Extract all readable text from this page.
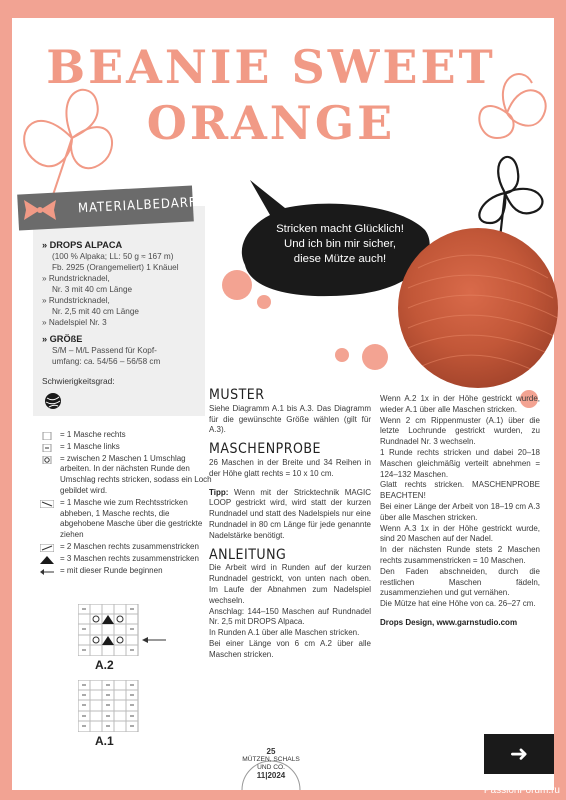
BEANIE SWEET
ORANGE
MATERIALBEDARF
» DROPS ALPACA
(100 % Alpaka; LL: 50 g ≈ 167 m)
Fb. 2925 (Orangemeliert) 1 Knäuel
» Rundstricknadel,
Nr. 3 mit 40 cm Länge
» Rundstricknadel,
Nr. 2,5 mit 40 cm Länge
» Nadelspiel Nr. 3
» GRÖßE
S/M – M/L Passend für Kopf-
umfang: ca. 54/56 – 56/58 cm
Schwierigkeitsgrad:
Stricken macht Glücklich!
Und ich bin mir sicher,
diese Mütze auch!
= 1 Masche rechts
= 1 Masche links
= zwischen 2 Maschen 1 Umschlag arbeiten. In der nächsten Runde den Umschlag rechts stricken, sodass ein Loch gebildet wird.
= 1 Masche wie zum Rechtsstricken abheben, 1 Masche rechts, die abgehobene Masche über die gestrickte ziehen
= 2 Maschen rechts zusammenstricken
= 3 Maschen rechts zusammenstricken
= mit dieser Runde beginnen
A.2
A.1
MUSTER

Siehe Diagramm A.1 bis A.3. Das Diagramm für die gewünschte Größe wählen (gilt für A.3).

MASCHENPROBE

26 Maschen in der Breite und 34 Reihen in der Höhe glatt rechts = 10 x 10 cm.

Tipp: Wenn mit der Stricktechnik MAGIC LOOP gestrickt wird, wird statt der kurzen Rundnadel und statt des Nadelspiels nur eine Rundnadel in 80 cm Länge für jede genannte Nadelstärke benötigt.

ANLEITUNG
Die Arbeit wird in Runden auf der kurzen Rundnadel gestrickt, von unten nach oben. Im Laufe der Abnahmen zum Nadelspiel wechseln.
Anschlag: 144–150 Maschen auf Rundnadel Nr. 2,5 mit DROPS Alpaca.
In Runden A.1 über alle Maschen stricken.
Bei einer Länge von 6 cm A.2 über alle Maschen stricken.
Wenn A.2 1x in der Höhe gestrickt wurde, wieder A.1 über alle Maschen stricken.
Wenn 2 cm Rippenmuster (A.1) über die letzte Lochrunde gestrickt wurden, zu Rundnadel Nr. 3 wechseln.
1 Runde rechts stricken und dabei 20–18 Maschen gleichmäßig verteilt abnehmen = 124–132 Maschen.
Glatt rechts stricken. MASCHENPROBE BEACHTEN!
Bei einer Länge der Arbeit von 18–19 cm A.3 über alle Maschen stricken.
Wenn A.3 1x in der Höhe gestrickt wurde, sind 20 Maschen auf der Nadel.
In der nächsten Runde stets 2 Maschen rechts zusammenstricken = 10 Maschen.
Den Faden abschneiden, durch die restlichen Maschen fädeln, zusammenziehen und gut vernähen.
Die Mütze hat eine Höhe von ca. 26–27 cm.
Drops Design, www.garnstudio.com
25
MÜTZEN, SCHALS
UND CO.
11|2024
➜
PassionForum.ru
